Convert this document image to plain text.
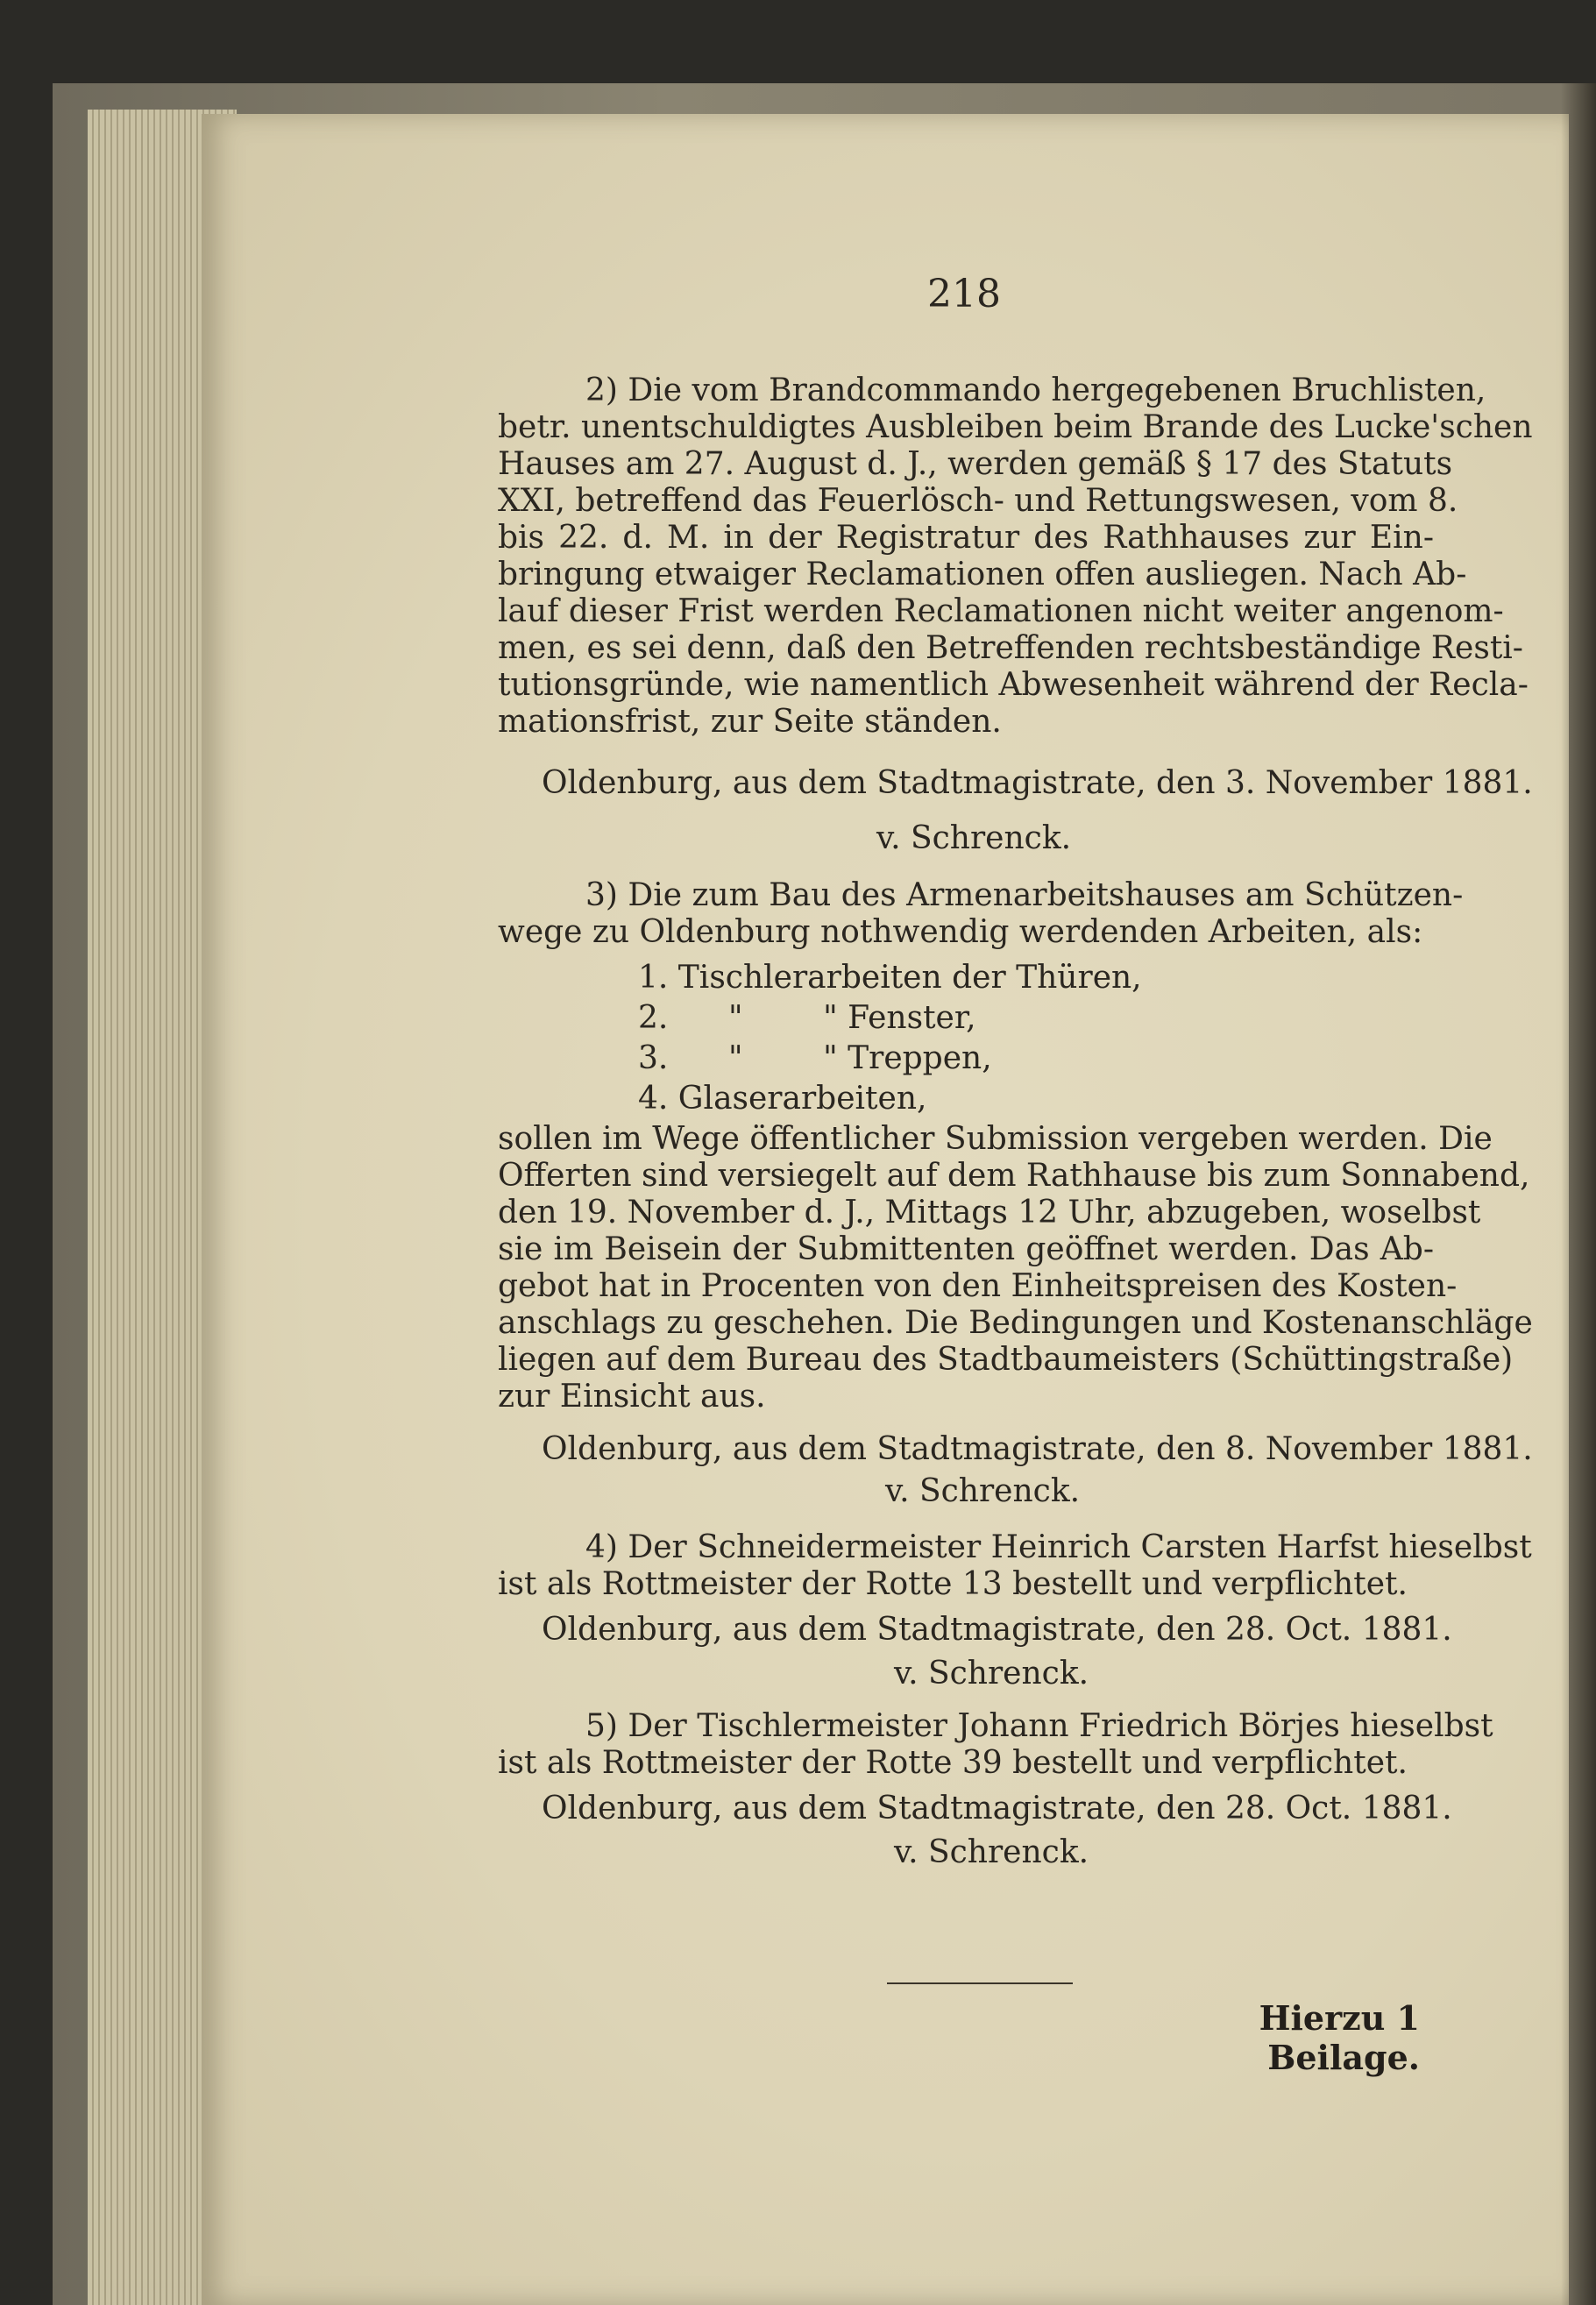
218
2) Die vom Brandcommando hergegebenen Bruchlisten,
betr. unentschuldigtes Ausbleiben beim Brande des Lucke'schen
Hauses am 27. August d. J., werden gemäß § 17 des Statuts
XXI, betreffend das Feuerlösch- und Rettungswesen, vom 8.
bis 22. d. M. in der Registratur des Rathhauses zur Ein-
bringung etwaiger Reclamationen offen ausliegen. Nach Ab-
lauf dieser Frist werden Reclamationen nicht weiter angenom-
men, es sei denn, daß den Betreffenden rechtsbeständige Resti-
tutionsgründe, wie namentlich Abwesenheit während der Recla-
mationsfrist, zur Seite ständen.
Oldenburg, aus dem Stadtmagistrate, den 3. November 1881.
v. Schrenck.
3) Die zum Bau des Armenarbeitshauses am Schützen-
wege zu Oldenburg nothwendig werdenden Arbeiten, als:
1. Tischlerarbeiten der Thüren,
2.      "        " Fenster,
3.      "        " Treppen,
4. Glaserarbeiten,
sollen im Wege öffentlicher Submission vergeben werden. Die
Offerten sind versiegelt auf dem Rathhause bis zum Sonnabend,
den 19. November d. J., Mittags 12 Uhr, abzugeben, woselbst
sie im Beisein der Submittenten geöffnet werden. Das Ab-
gebot hat in Procenten von den Einheitspreisen des Kosten-
anschlags zu geschehen. Die Bedingungen und Kostenanschläge
liegen auf dem Bureau des Stadtbaumeisters (Schüttingstraße)
zur Einsicht aus.
Oldenburg, aus dem Stadtmagistrate, den 8. November 1881.
v. Schrenck.
4) Der Schneidermeister Heinrich Carsten Harfst hieselbst
ist als Rottmeister der Rotte 13 bestellt und verpflichtet.
Oldenburg, aus dem Stadtmagistrate, den 28. Oct. 1881.
v. Schrenck.
5) Der Tischlermeister Johann Friedrich Börjes hieselbst
ist als Rottmeister der Rotte 39 bestellt und verpflichtet.
Oldenburg, aus dem Stadtmagistrate, den 28. Oct. 1881.
v. Schrenck.
Hierzu 1 Beilage.
